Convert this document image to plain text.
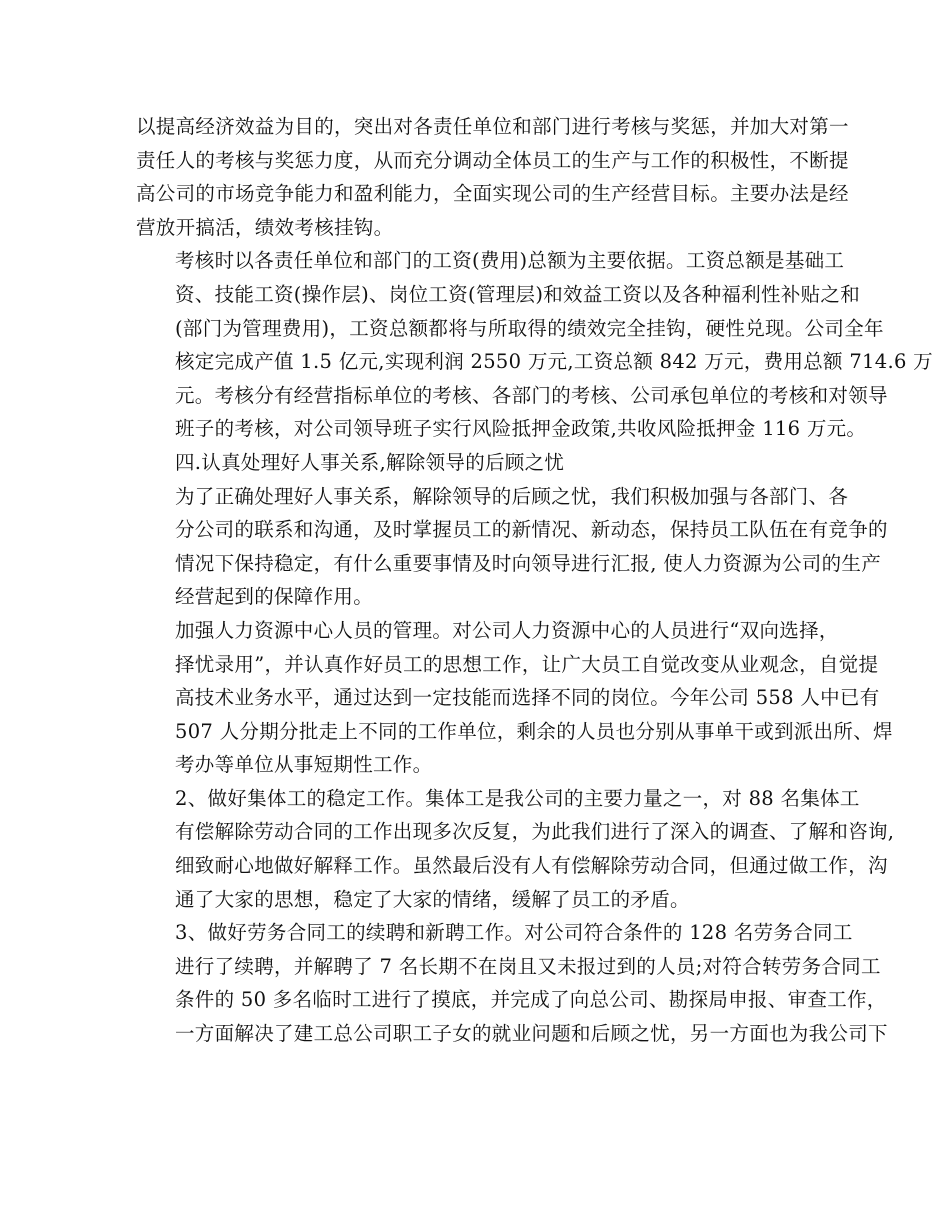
以提高经济效益为目的，突出对各责任单位和部门进行考核与奖惩，并加大对第一
责任人的考核与奖惩力度，从而充分调动全体员工的生产与工作的积极性，不断提
高公司的市场竞争能力和盈利能力，全面实现公司的生产经营目标。主要办法是经
营放开搞活，绩效考核挂钩。
考核时以各责任单位和部门的工资(费用)总额为主要依据。工资总额是基础工
资、技能工资(操作层)、岗位工资(管理层)和效益工资以及各种福利性补贴之和
(部门为管理费用)，工资总额都将与所取得的绩效完全挂钩，硬性兑现。公司全年
核定完成产值 1.5 亿元,实现利润 2550 万元,工资总额 842 万元，费用总额 714.6 万
元。考核分有经营指标单位的考核、各部门的考核、公司承包单位的考核和对领导
班子的考核，对公司领导班子实行风险抵押金政策,共收风险抵押金 116 万元。
四.认真处理好人事关系,解除领导的后顾之忧
为了正确处理好人事关系，解除领导的后顾之忧，我们积极加强与各部门、各
分公司的联系和沟通，及时掌握员工的新情况、新动态，保持员工队伍在有竞争的
情况下保持稳定，有什么重要事情及时向领导进行汇报, 使人力资源为公司的生产
经营起到的保障作用。
加强人力资源中心人员的管理。对公司人力资源中心的人员进行“双向选择，
择忧录用”，并认真作好员工的思想工作，让广大员工自觉改变从业观念，自觉提
高技术业务水平，通过达到一定技能而选择不同的岗位。今年公司 558 人中已有
507 人分期分批走上不同的工作单位，剩余的人员也分别从事单干或到派出所、焊
考办等单位从事短期性工作。
2、做好集体工的稳定工作。集体工是我公司的主要力量之一，对 88 名集体工
有偿解除劳动合同的工作出现多次反复，为此我们进行了深入的调查、了解和咨询,
细致耐心地做好解释工作。虽然最后没有人有偿解除劳动合同，但通过做工作，沟
通了大家的思想，稳定了大家的情绪，缓解了员工的矛盾。
3、做好劳务合同工的续聘和新聘工作。对公司符合条件的 128 名劳务合同工
进行了续聘，并解聘了 7 名长期不在岗且又未报过到的人员;对符合转劳务合同工
条件的 50 多名临时工进行了摸底，并完成了向总公司、勘探局申报、审查工作，
一方面解决了建工总公司职工子女的就业问题和后顾之忧，另一方面也为我公司下
